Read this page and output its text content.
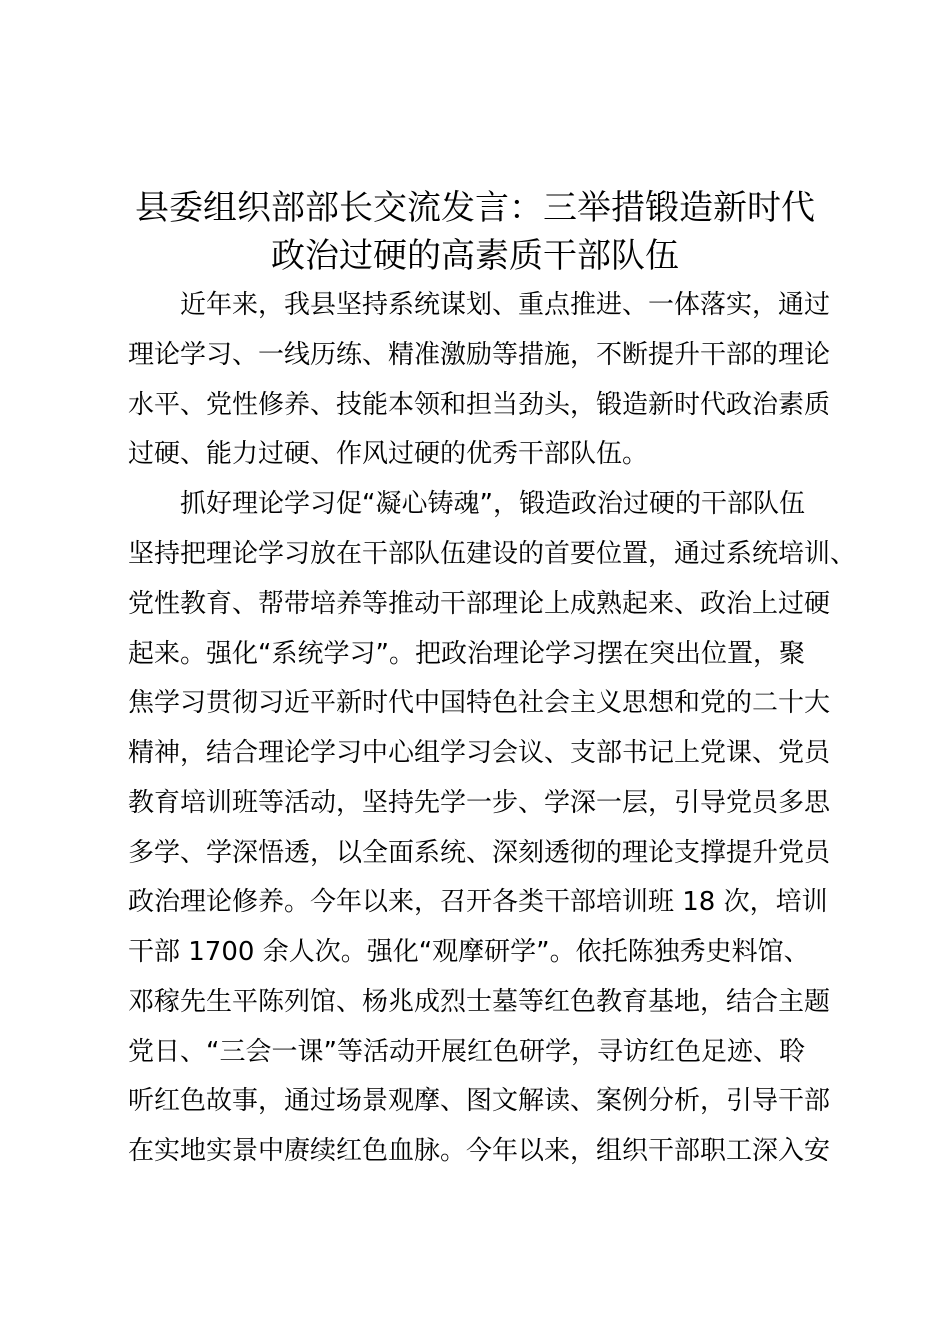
县委组织部部长交流发言：三举措锻造新时代
政治过硬的高素质干部队伍
近年来，我县坚持系统谋划、重点推进、一体落实，通过
理论学习、一线历练、精准激励等措施，不断提升干部的理论
水平、党性修养、技能本领和担当劲头，锻造新时代政治素质
过硬、能力过硬、作风过硬的优秀干部队伍。
抓好理论学习促“凝心铸魂”，锻造政治过硬的干部队伍
坚持把理论学习放在干部队伍建设的首要位置，通过系统培训、
党性教育、帮带培养等推动干部理论上成熟起来、政治上过硬
起来。强化“系统学习”。把政治理论学习摆在突出位置，聚
焦学习贯彻习近平新时代中国特色社会主义思想和党的二十大
精神，结合理论学习中心组学习会议、支部书记上党课、党员
教育培训班等活动，坚持先学一步、学深一层，引导党员多思
多学、学深悟透，以全面系统、深刻透彻的理论支撑提升党员
政治理论修养。今年以来，召开各类干部培训班 18 次，培训
干部 1700 余人次。强化“观摩研学”。依托陈独秀史料馆、
邓稼先生平陈列馆、杨兆成烈士墓等红色教育基地，结合主题
党日、“三会一课”等活动开展红色研学，寻访红色足迹、聆
听红色故事，通过场景观摩、图文解读、案例分析，引导干部
在实地实景中赓续红色血脉。今年以来，组织干部职工深入安
